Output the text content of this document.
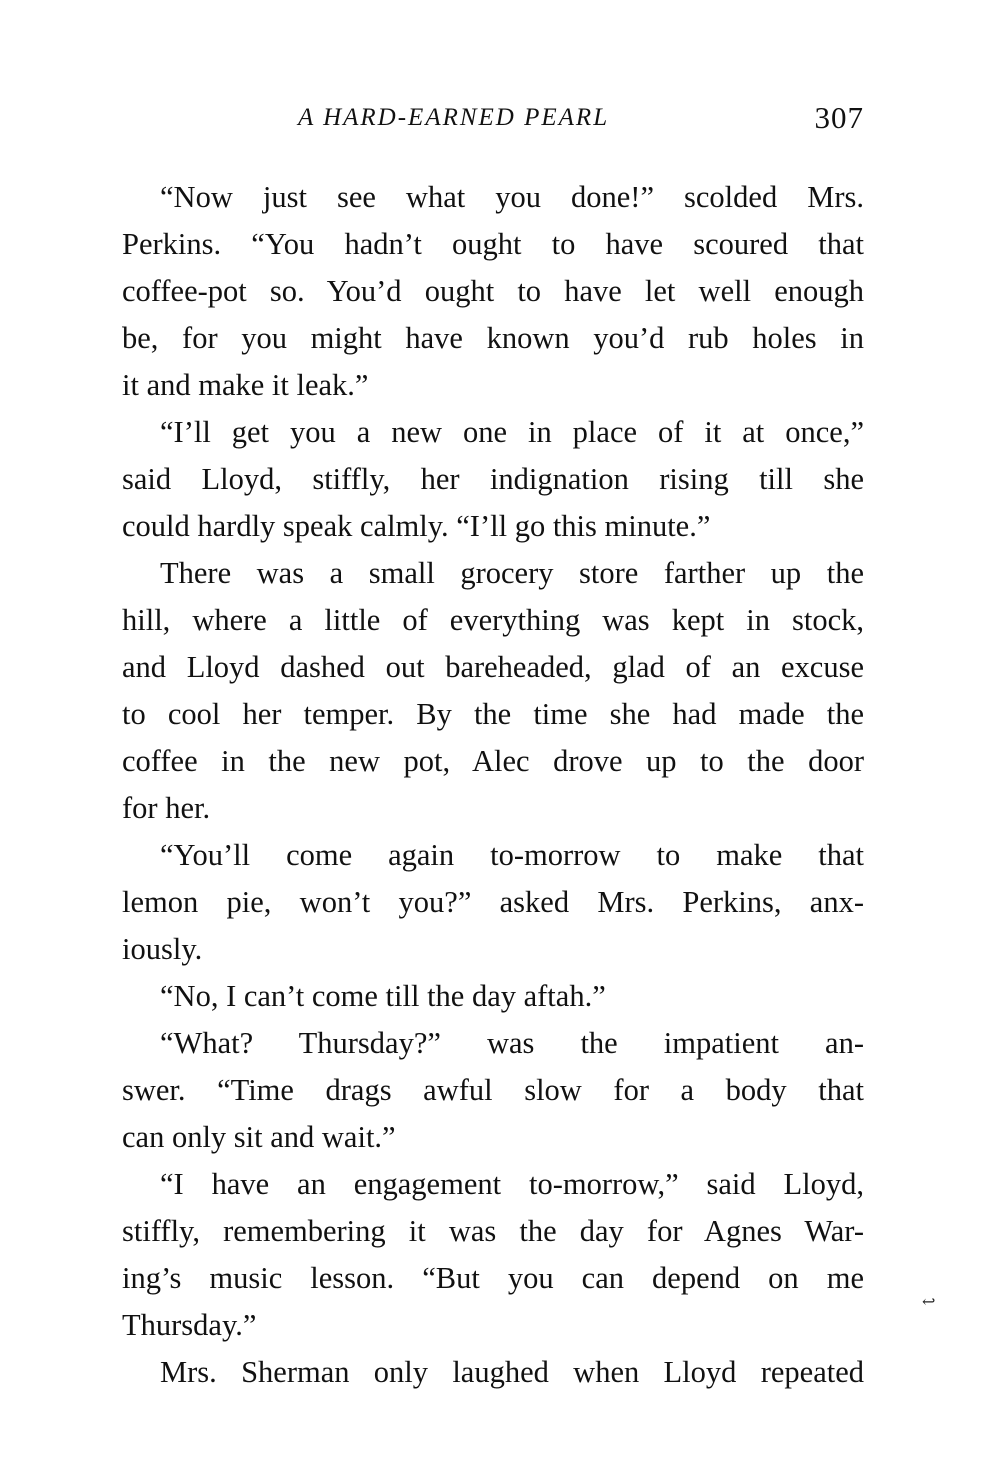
A HARD-EARNED PEARL	307
“Now just see what you done!” scolded Mrs.
Perkins. “You hadn’t ought to have scoured that
coffee-pot so. You’d ought to have let well enough
be, for you might have known you’d rub holes in
it and make it leak.”
“I’ll get you a new one in place of it at once,”
said Lloyd, stiffly, her indignation rising till she
could hardly speak calmly. “I’ll go this minute.”
There was a small grocery store farther up the
hill, where a little of everything was kept in stock,
and Lloyd dashed out bareheaded, glad of an excuse
to cool her temper. By the time she had made the
coffee in the new pot, Alec drove up to the door
for her.
“You’ll come again to-morrow to make that
lemon pie, won’t you?” asked Mrs. Perkins, anx-
iously.
“No, I can’t come till the day aftah.”
“What? Thursday?” was the impatient an-
swer. “Time drags awful slow for a body that
can only sit and wait.”
“I have an engagement to-morrow,” said Lloyd,
stiffly, remembering it was the day for Agnes War-
ing’s music lesson. “But you can depend on me
Thursday.”
Mrs. Sherman only laughed when Lloyd repeated
↩
